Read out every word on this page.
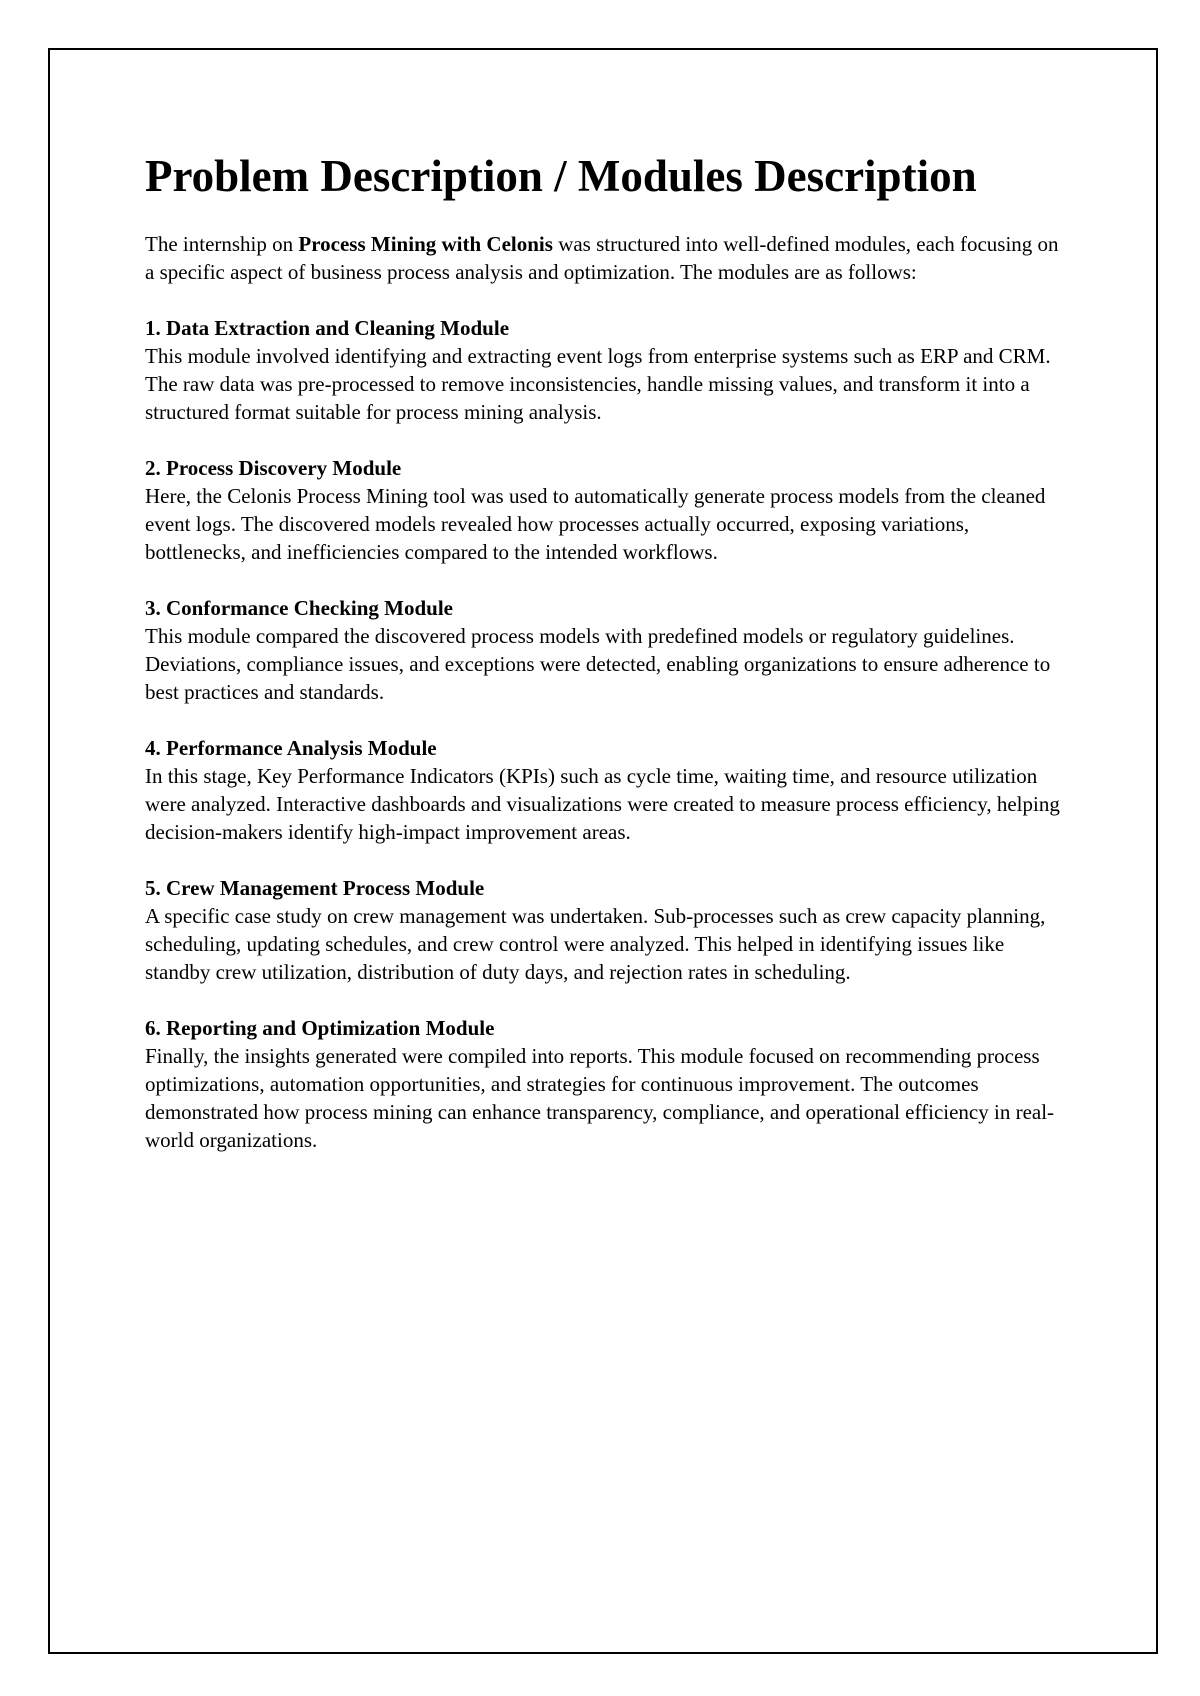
Problem Description / Modules Description

The internship on Process Mining with Celonis was structured into well-defined modules, each focusing on a specific aspect of business process analysis and optimization. The modules are as follows:

1. Data Extraction and Cleaning Module

This module involved identifying and extracting event logs from enterprise systems such as ERP and CRM. The raw data was pre-processed to remove inconsistencies, handle missing values, and transform it into a structured format suitable for process mining analysis.

2. Process Discovery Module

Here, the Celonis Process Mining tool was used to automatically generate process models from the cleaned event logs. The discovered models revealed how processes actually occurred, exposing variations, bottlenecks, and inefficiencies compared to the intended workflows.

3. Conformance Checking Module

This module compared the discovered process models with predefined models or regulatory guidelines. Deviations, compliance issues, and exceptions were detected, enabling organizations to ensure adherence to best practices and standards.

4. Performance Analysis Module

In this stage, Key Performance Indicators (KPIs) such as cycle time, waiting time, and resource utilization were analyzed. Interactive dashboards and visualizations were created to measure process efficiency, helping decision-makers identify high-impact improvement areas.

5. Crew Management Process Module

A specific case study on crew management was undertaken. Sub-processes such as crew capacity planning, scheduling, updating schedules, and crew control were analyzed. This helped in identifying issues like standby crew utilization, distribution of duty days, and rejection rates in scheduling.

6. Reporting and Optimization Module

Finally, the insights generated were compiled into reports. This module focused on recommending process optimizations, automation opportunities, and strategies for continuous improvement. The outcomes demonstrated how process mining can enhance transparency, compliance, and operational efficiency in real-world organizations.
